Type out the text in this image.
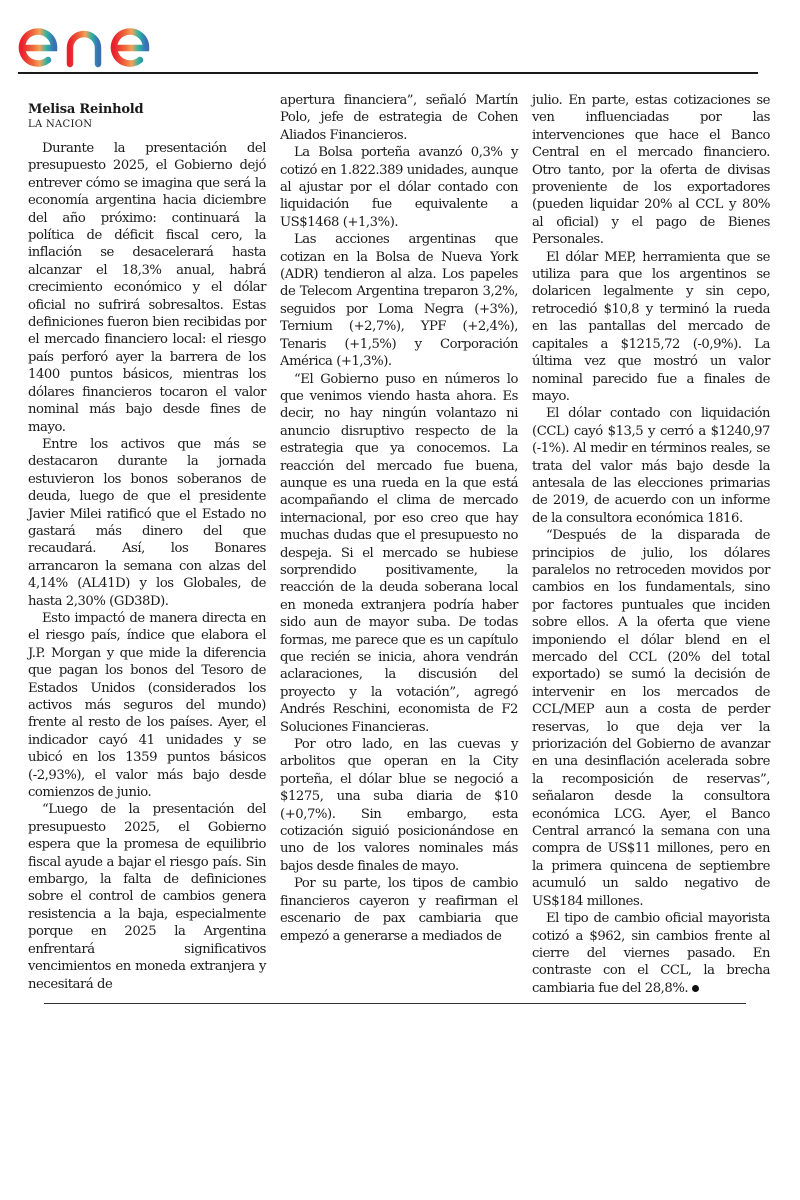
Melisa Reinhold

LA NACION

Durante la presentación del presupuesto 2025, el Gobierno dejó entrever cómo se imagina que será la economía argentina hacia diciembre del año próximo: continuará la política de déficit fiscal cero, la inflación se desacelerará hasta alcanzar el 18,3% anual, habrá crecimiento económico y el dólar oficial no sufrirá sobresaltos. Estas definiciones fueron bien recibidas por el mercado financiero local: el riesgo país perforó ayer la barrera de los 1400 puntos básicos, mientras los dólares financieros tocaron el valor nominal más bajo desde fines de mayo.

Entre los activos que más se destacaron durante la jornada estuvieron los bonos soberanos de deuda, luego de que el presidente Javier Milei ratificó que el Estado no gastará más dinero del que recaudará. Así, los Bonares arrancaron la semana con alzas del 4,14% (AL41D) y los Globales, de hasta 2,30% (GD38D).

Esto impactó de manera directa en el riesgo país, índice que elabora el J.P. Morgan y que mide la diferencia que pagan los bonos del Tesoro de Estados Unidos (considerados los activos más seguros del mundo) frente al resto de los países. Ayer, el indicador cayó 41 unidades y se ubicó en los 1359 puntos básicos (-2,93%), el valor más bajo desde comienzos de junio.

“Luego de la presentación del presupuesto 2025, el Gobierno espera que la promesa de equilibrio fiscal ayude a bajar el riesgo país. Sin embargo, la falta de definiciones sobre el control de cambios genera resistencia a la baja, especialmente porque en 2025 la Argentina enfrentará significativos vencimientos en moneda extranjera y necesitará de

apertura financiera”, señaló Martín Polo, jefe de estrategia de Cohen Aliados Financieros.

La Bolsa porteña avanzó 0,3% y cotizó en 1.822.389 unidades, aunque al ajustar por el dólar contado con liquidación fue equivalente a US$1468 (+1,3%).

Las acciones argentinas que cotizan en la Bolsa de Nueva York (ADR) tendieron al alza. Los papeles de Telecom Argentina treparon 3,2%, seguidos por Loma Negra (+3%), Ternium (+2,7%), YPF (+2,4%), Tenaris (+1,5%) y Corporación América (+1,3%).

“El Gobierno puso en números lo que venimos viendo hasta ahora. Es decir, no hay ningún volantazo ni anuncio disruptivo respecto de la estrategia que ya conocemos. La reacción del mercado fue buena, aunque es una rueda en la que está acompañando el clima de mercado internacional, por eso creo que hay muchas dudas que el presupuesto no despeja. Si el mercado se hubiese sorprendido positivamente, la reacción de la deuda soberana local en moneda extranjera podría haber sido aun de mayor suba. De todas formas, me parece que es un capítulo que recién se inicia, ahora vendrán aclaraciones, la discusión del proyecto y la votación”, agregó Andrés Reschini, economista de F2 Soluciones Financieras.

Por otro lado, en las cuevas y arbolitos que operan en la City porteña, el dólar blue se negoció a $1275, una suba diaria de $10 (+0,7%). Sin embargo, esta cotización siguió posicionándose en uno de los valores nominales más bajos desde finales de mayo.

Por su parte, los tipos de cambio financieros cayeron y reafirman el escenario de pax cambiaria que empezó a generarse a mediados de

julio. En parte, estas cotizaciones se ven influenciadas por las intervenciones que hace el Banco Central en el mercado financiero. Otro tanto, por la oferta de divisas proveniente de los exportadores (pueden liquidar 20% al CCL y 80% al oficial) y el pago de Bienes Personales.

El dólar MEP, herramienta que se utiliza para que los argentinos se dolaricen legalmente y sin cepo, retrocedió $10,8 y terminó la rueda en las pantallas del mercado de capitales a $1215,72 (-0,9%). La última vez que mostró un valor nominal parecido fue a finales de mayo.

El dólar contado con liquidación (CCL) cayó $13,5 y cerró a $1240,97 (-1%). Al medir en términos reales, se trata del valor más bajo desde la antesala de las elecciones primarias de 2019, de acuerdo con un informe de la consultora económica 1816.

“Después de la disparada de principios de julio, los dólares paralelos no retroceden movidos por cambios en los fundamentals, sino por factores puntuales que inciden sobre ellos. A la oferta que viene imponiendo el dólar blend en el mercado del CCL (20% del total exportado) se sumó la decisión de intervenir en los mercados de CCL/MEP aun a costa de perder reservas, lo que deja ver la priorización del Gobierno de avanzar en una desinflación acelerada sobre la recomposición de reservas”, señalaron desde la consultora económica LCG. Ayer, el Banco Central arrancó la semana con una compra de US$11 millones, pero en la primera quincena de septiembre acumuló un saldo negativo de US$184 millones.

El tipo de cambio oficial mayorista cotizó a $962, sin cambios frente al cierre del viernes pasado. En contraste con el CCL, la brecha cambiaria fue del 28,8%.
